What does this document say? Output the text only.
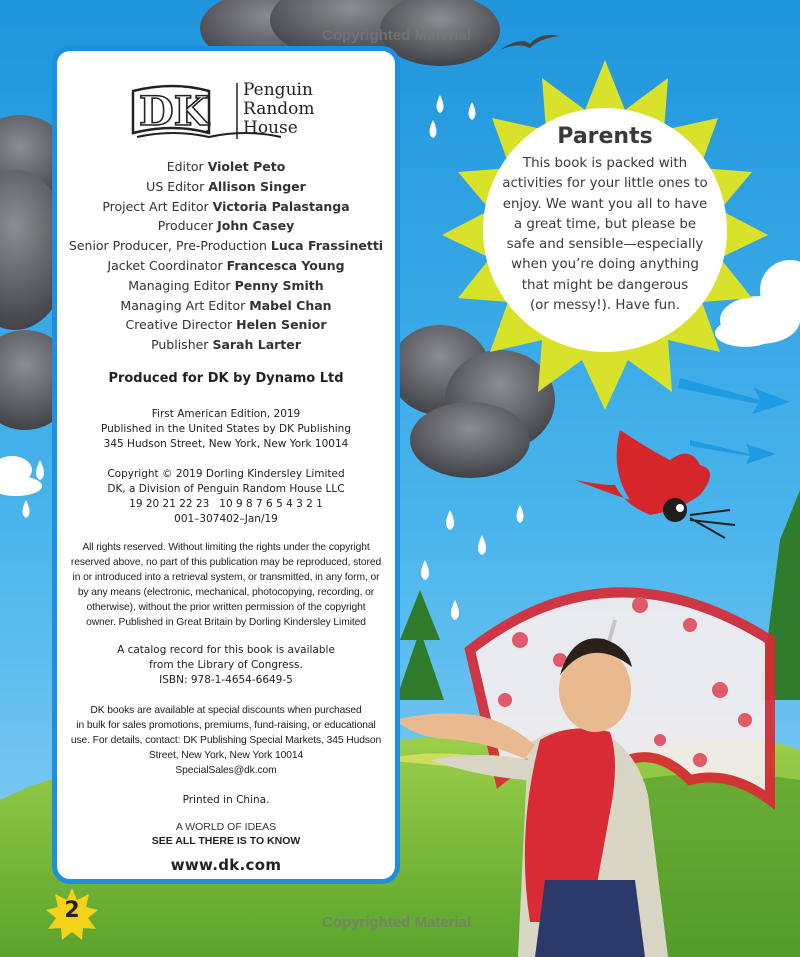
Copyrighted Material
DK Penguin
Random
House
Editor Violet Peto
US Editor Allison Singer
Project Art Editor Victoria Palastanga
Producer John Casey
Senior Producer, Pre-Production Luca Frassinetti
Jacket Coordinator Francesca Young
Managing Editor Penny Smith
Managing Art Editor Mabel Chan
Creative Director Helen Senior
Publisher Sarah Larter
Produced for DK by Dynamo Ltd
First American Edition, 2019
Published in the United States by DK Publishing
345 Hudson Street, New York, New York 10014
Copyright © 2019 Dorling Kindersley Limited
DK, a Division of Penguin Random House LLC
19 20 21 22 23   10 9 8 7 6 5 4 3 2 1
001–307402–Jan/19
All rights reserved. Without limiting the rights under the copyright
reserved above, no part of this publication may be reproduced, stored
in or introduced into a retrieval system, or transmitted, in any form, or
by any means (electronic, mechanical, photocopying, recording, or
otherwise), without the prior written permission of the copyright
owner. Published in Great Britain by Dorling Kindersley Limited
A catalog record for this book is available
from the Library of Congress.
ISBN: 978-1-4654-6649-5
DK books are available at special discounts when purchased
in bulk for sales promotions, premiums, fund-raising, or educational
use. For details, contact: DK Publishing Special Markets, 345 Hudson
Street, New York, New York 10014
SpecialSales@dk.com
Printed in China.
A WORLD OF IDEAS
SEE ALL THERE IS TO KNOW
www.dk.com
Parents
This book is packed with
activities for your little ones to
enjoy. We want you all to have
a great time, but please be
safe and sensible—especially
when you’re doing anything
that might be dangerous
(or messy!). Have fun.
2	Copyrighted Material
